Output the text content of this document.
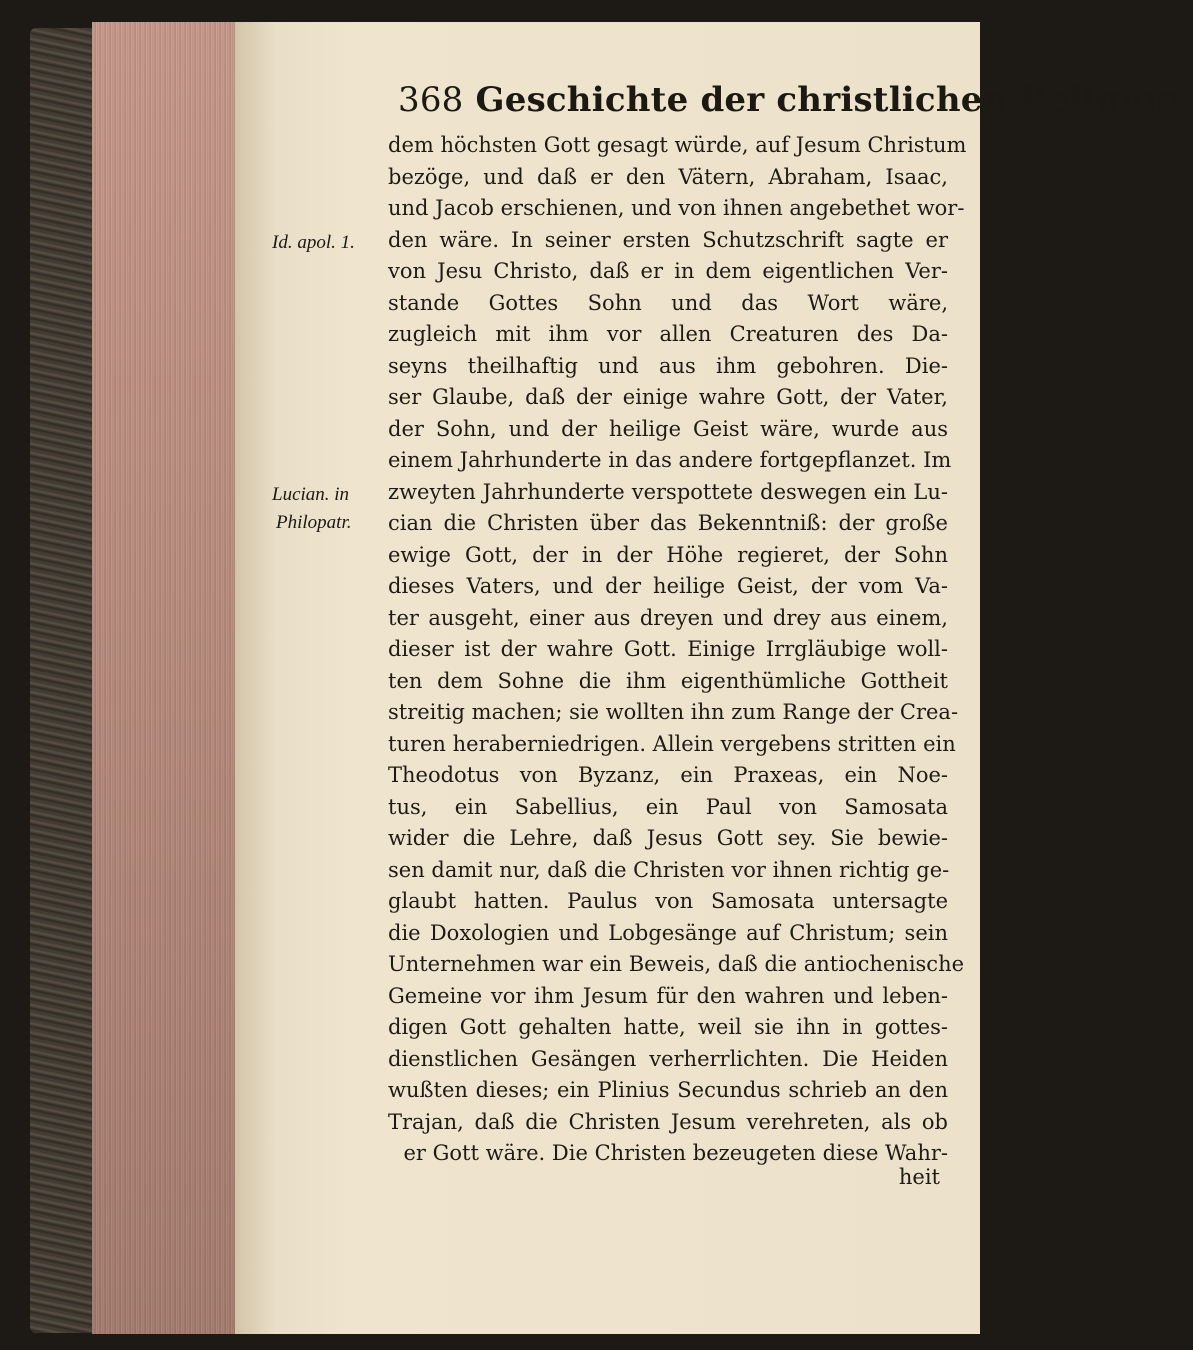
368 Geschichte der christlichen Religion.
Id. apol. 1.
Lucian. in
Philopatr.
dem höchsten Gott gesagt würde, auf Jesum Christum
bezöge, und daß er den Vätern, Abraham, Isaac,
und Jacob erschienen, und von ihnen angebethet wor-
den wäre. In seiner ersten Schutzschrift sagte er
von Jesu Christo, daß er in dem eigentlichen Ver-
stande Gottes Sohn und das Wort wäre,
zugleich mit ihm vor allen Creaturen des Da-
seyns theilhaftig und aus ihm gebohren. Die-
ser Glaube, daß der einige wahre Gott, der Vater,
der Sohn, und der heilige Geist wäre, wurde aus
einem Jahrhunderte in das andere fortgepflanzet. Im
zweyten Jahrhunderte verspottete deswegen ein Lu-
cian die Christen über das Bekenntniß: der große
ewige Gott, der in der Höhe regieret, der Sohn
dieses Vaters, und der heilige Geist, der vom Va-
ter ausgeht, einer aus dreyen und drey aus einem,
dieser ist der wahre Gott. Einige Irrgläubige woll-
ten dem Sohne die ihm eigenthümliche Gottheit
streitig machen; sie wollten ihn zum Range der Crea-
turen heraberniedrigen. Allein vergebens stritten ein
Theodotus von Byzanz, ein Praxeas, ein Noe-
tus, ein Sabellius, ein Paul von Samosata
wider die Lehre, daß Jesus Gott sey. Sie bewie-
sen damit nur, daß die Christen vor ihnen richtig ge-
glaubt hatten. Paulus von Samosata untersagte
die Doxologien und Lobgesänge auf Christum; sein
Unternehmen war ein Beweis, daß die antiochenische
Gemeine vor ihm Jesum für den wahren und leben-
digen Gott gehalten hatte, weil sie ihn in gottes-
dienstlichen Gesängen verherrlichten. Die Heiden
wußten dieses; ein Plinius Secundus schrieb an den
Trajan, daß die Christen Jesum verehreten, als ob
er Gott wäre. Die Christen bezeugeten diese Wahr-
heit
